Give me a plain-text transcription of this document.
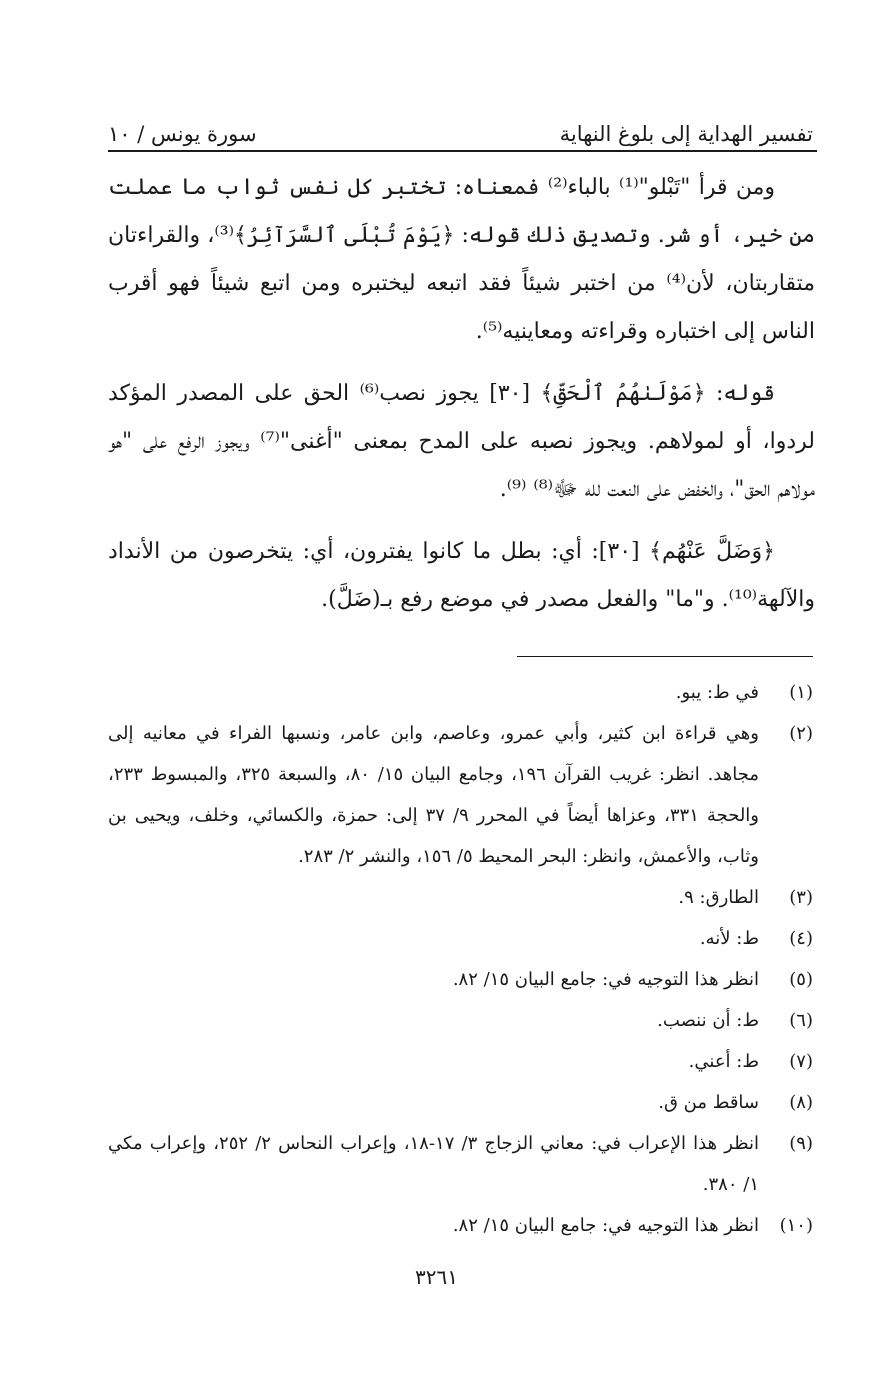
تفسير الهداية إلى بلوغ النهاية
سورة يونس / ١٠

ومن قرأ "تَبْلو"⁽¹⁾ بالباء⁽²⁾ فمعناه: تختبر كل نفس ثواب ما عملت من خير، أو شر. وتصديق ذلك قوله: ﴿يَوْمَ تُبْلَى ٱلسَّرَآئِرُ﴾⁽³⁾، والقراءتان متقاربتان، لأن⁽⁴⁾ من اختبر شيئاً فقد اتبعه ليختبره ومن اتبع شيئاً فهو أقرب الناس إلى اختباره وقراءته ومعاينيه⁽⁵⁾.

قوله: ﴿مَوْلَىٰهُمُ ٱلْحَقِّ﴾ [٣٠] يجوز نصب⁽⁶⁾ الحق على المصدر المؤكد لردوا، أو لمولاهم. ويجوز نصبه على المدح بمعنى "أغنى"⁽⁷⁾ ويجوز الرفع على "هو مولاهم الحق"، والخفض على النعت لله ﷻ⁽⁸⁾ ⁽⁹⁾.

﴿وَضَلَّ عَنْهُم﴾ [٣٠]: أي: بطل ما كانوا يفترون، أي: يتخرصون من الأنداد والآلهة⁽¹⁰⁾. و"ما" والفعل مصدر في موضع رفع بـ(ضَلَّ).

(١)
في ط: يبو.
(٢)
وهي قراءة ابن كثير، وأبي عمرو، وعاصم، وابن عامر، ونسبها الفراء في معانيه إلى مجاهد. انظر: غريب القرآن ١٩٦، وجامع البيان ١٥/ ٨٠، والسبعة ٣٢٥، والمبسوط ٢٣٣، والحجة ٣٣١، وعزاها أيضاً في المحرر ٩/ ٣٧ إلى: حمزة، والكسائي، وخلف، ويحيى بن وثاب، والأعمش، وانظر: البحر المحيط ٥/ ١٥٦، والنشر ٢/ ٢٨٣.
(٣)
الطارق: ٩.
(٤)
ط: لأنه.
(٥)
انظر هذا التوجيه في: جامع البيان ١٥/ ٨٢.
(٦)
ط: أن ننصب.
(٧)
ط: أعني.
(٨)
ساقط من ق.
(٩)
انظر هذا الإعراب في: معاني الزجاج ٣/ ١٧-١٨، وإعراب النحاس ٢/ ٢٥٢، وإعراب مكي ١/ ٣٨٠.
(١٠)
انظر هذا التوجيه في: جامع البيان ١٥/ ٨٢.
٣٢٦١
